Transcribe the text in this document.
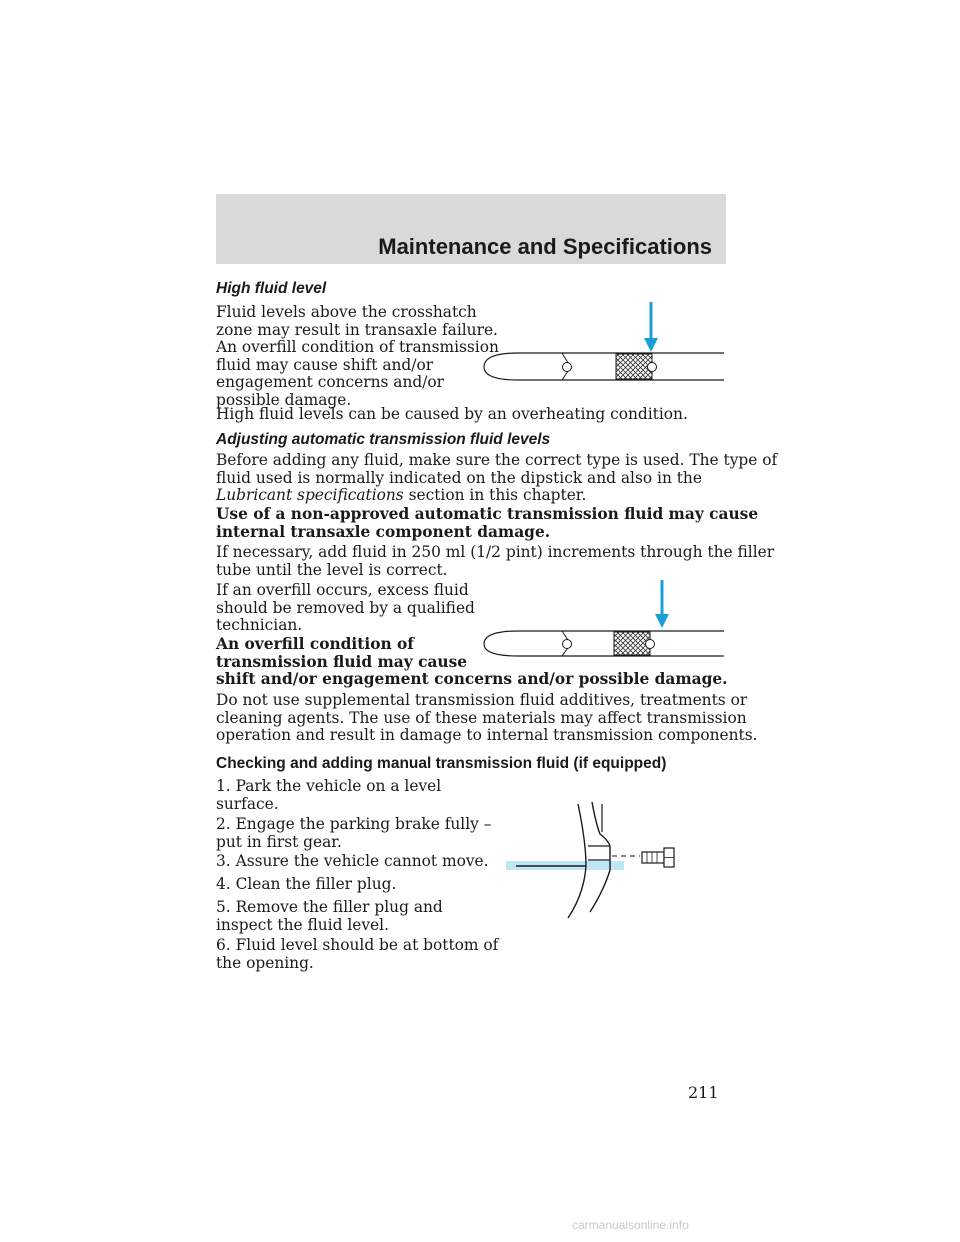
Maintenance and Specifications
High fluid level
Fluid levels above the crosshatch
zone may result in transaxle failure.
An overfill condition of transmission
fluid may cause shift and/or
engagement concerns and/or
possible damage.

High fluid levels can be caused by an overheating condition.

Adjusting automatic transmission fluid levels
Before adding any fluid, make sure the correct type is used. The type of
fluid used is normally indicated on the dipstick and also in the
Lubricant specifications section in this chapter.
Use of a non-approved automatic transmission fluid may cause
internal transaxle component damage.
If necessary, add fluid in 250 ml (1/2 pint) increments through the filler
tube until the level is correct.
If an overfill occurs, excess fluid
should be removed by a qualified
technician.
An overfill condition of
transmission fluid may cause
shift and/or engagement concerns and/or possible damage.
Do not use supplemental transmission fluid additives, treatments or
cleaning agents. The use of these materials may affect transmission
operation and result in damage to internal transmission components.
Checking and adding manual transmission fluid (if equipped)
1. Park the vehicle on a level
surface.
2. Engage the parking brake fully –
put in first gear.
3. Assure the vehicle cannot move.
4. Clean the filler plug.
5. Remove the filler plug and
inspect the fluid level.
6. Fluid level should be at bottom of
the opening.
211
carmanualsonline.info
